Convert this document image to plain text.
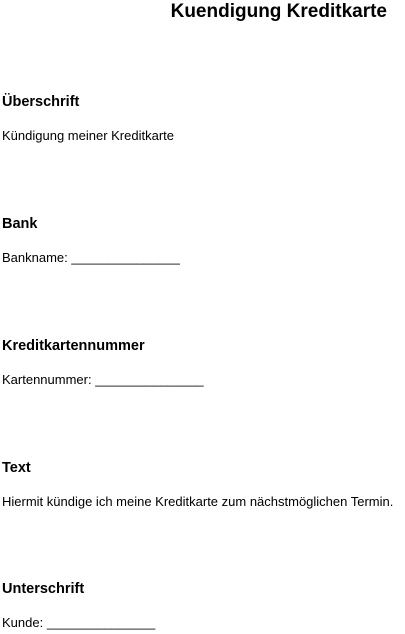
Kuendigung Kreditkarte
Überschrift
Kündigung meiner Kreditkarte
Bank
Bankname: _______________
Kreditkartennummer
Kartennummer: _______________
Text
Hiermit kündige ich meine Kreditkarte zum nächstmöglichen Termin.
Unterschrift
Kunde: _______________
